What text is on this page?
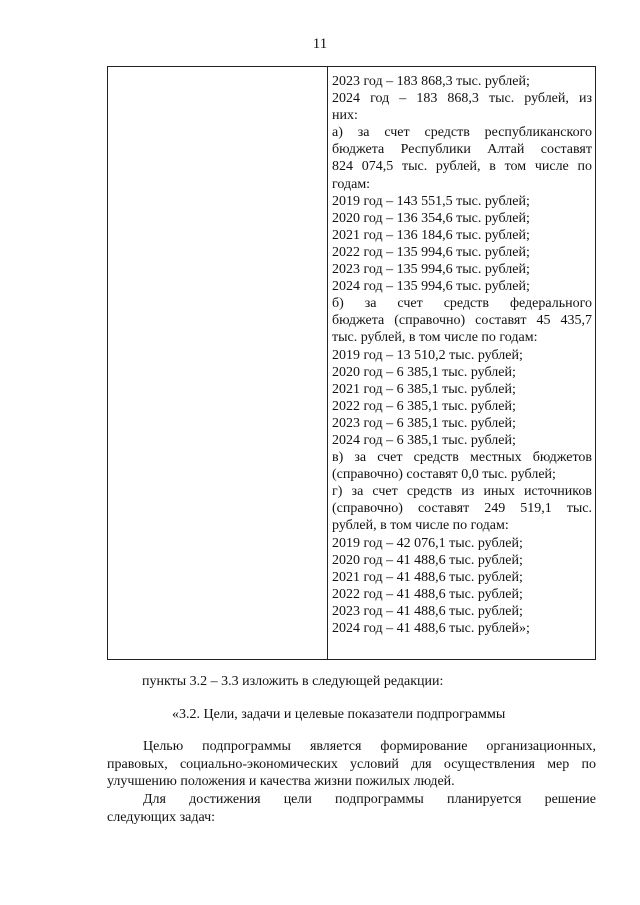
11
2023 год – 183 868,3 тыс. рублей;
2024 год – 183 868,3 тыс. рублей, из
них:
а) за счет средств республиканского
бюджета Республики Алтай составят
824 074,5 тыс. рублей, в том числе по
годам:
2019 год – 143 551,5 тыс. рублей;
2020 год – 136 354,6 тыс. рублей;
2021 год – 136 184,6 тыс. рублей;
2022 год – 135 994,6 тыс. рублей;
2023 год – 135 994,6 тыс. рублей;
2024 год – 135 994,6 тыс. рублей;
б) за счет средств федерального
бюджета (справочно) составят 45 435,7
тыс. рублей, в том числе по годам:
2019 год – 13 510,2 тыс. рублей;
2020 год – 6 385,1 тыс. рублей;
2021 год – 6 385,1 тыс. рублей;
2022 год – 6 385,1 тыс. рублей;
2023 год – 6 385,1 тыс. рублей;
2024 год – 6 385,1 тыс. рублей;
в) за счет средств местных бюджетов
(справочно) составят 0,0 тыс. рублей;
г) за счет средств из иных источников
(справочно) составят 249 519,1 тыс.
рублей, в том числе по годам:
2019 год – 42 076,1 тыс. рублей;
2020 год – 41 488,6 тыс. рублей;
2021 год – 41 488,6 тыс. рублей;
2022 год – 41 488,6 тыс. рублей;
2023 год – 41 488,6 тыс. рублей;
2024 год – 41 488,6 тыс. рублей»;
пункты 3.2 – 3.3 изложить в следующей редакции:
«3.2. Цели, задачи и целевые показатели подпрограммы
Целью подпрограммы является формирование организационных, правовых, социально-экономических условий для осуществления мер по улучшению положения и качества жизни пожилых людей.
Для достижения цели подпрограммы планируется решение
следующих задач:
